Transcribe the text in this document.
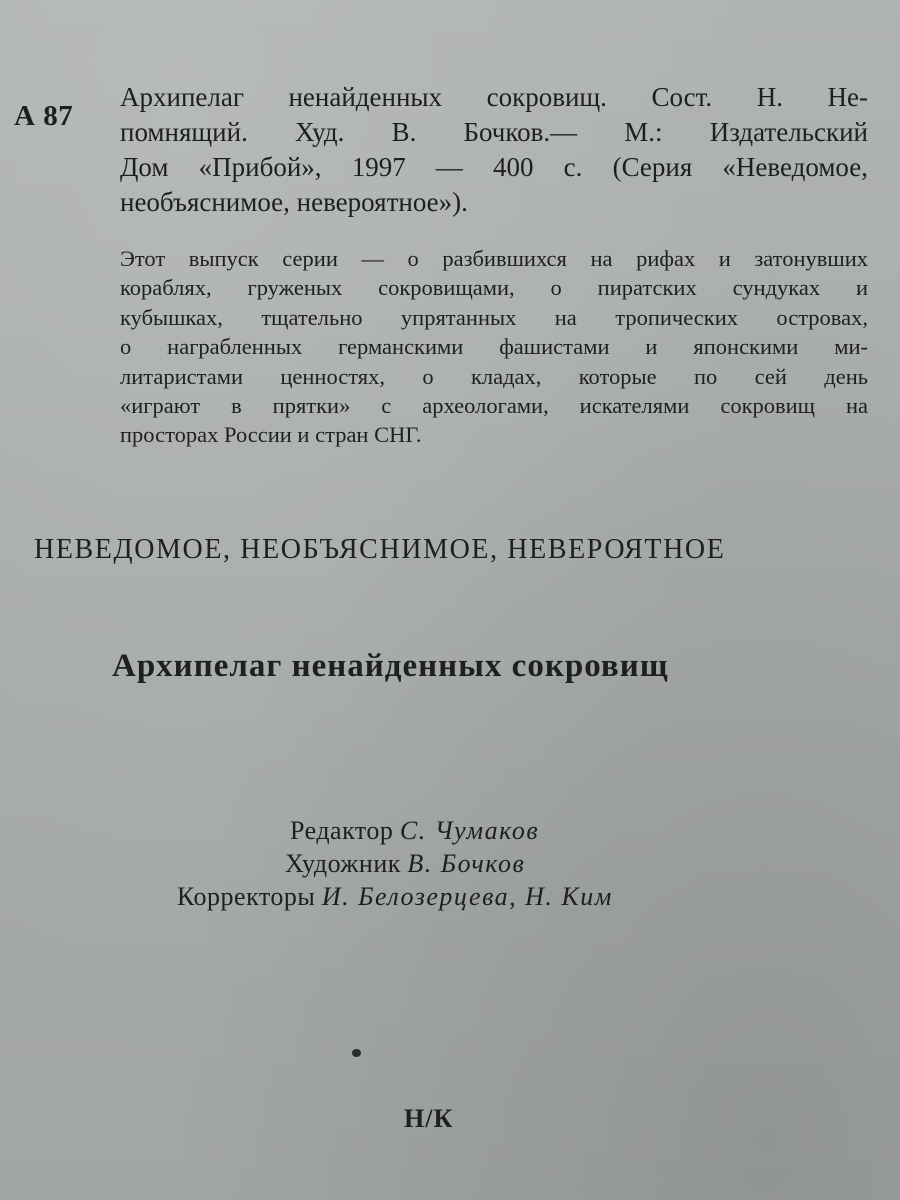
А 87
Архипелаг ненайденных сокровищ. Сост. Н. Не-
помнящий. Худ. В. Бочков.— М.: Издательский
Дом «Прибой», 1997 — 400 с. (Серия «Неведомое,
необъяснимое, невероятное»).
Этот выпуск серии — о разбившихся на рифах и затонувших
кораблях, груженых сокровищами, о пиратских сундуках и
кубышках, тщательно упрятанных на тропических островах,
о награбленных германскими фашистами и японскими ми-
литаристами ценностях, о кладах, которые по сей день
«играют в прятки» с археологами, искателями сокровищ на
просторах России и стран СНГ.
НЕВЕДОМОЕ, НЕОБЪЯСНИМОЕ, НЕВЕРОЯТНОЕ
Архипелаг ненайденных сокровищ
Редактор С. Чумаков
Художник В. Бочков
Корректоры И. Белозерцева, Н. Ким
Н/К
